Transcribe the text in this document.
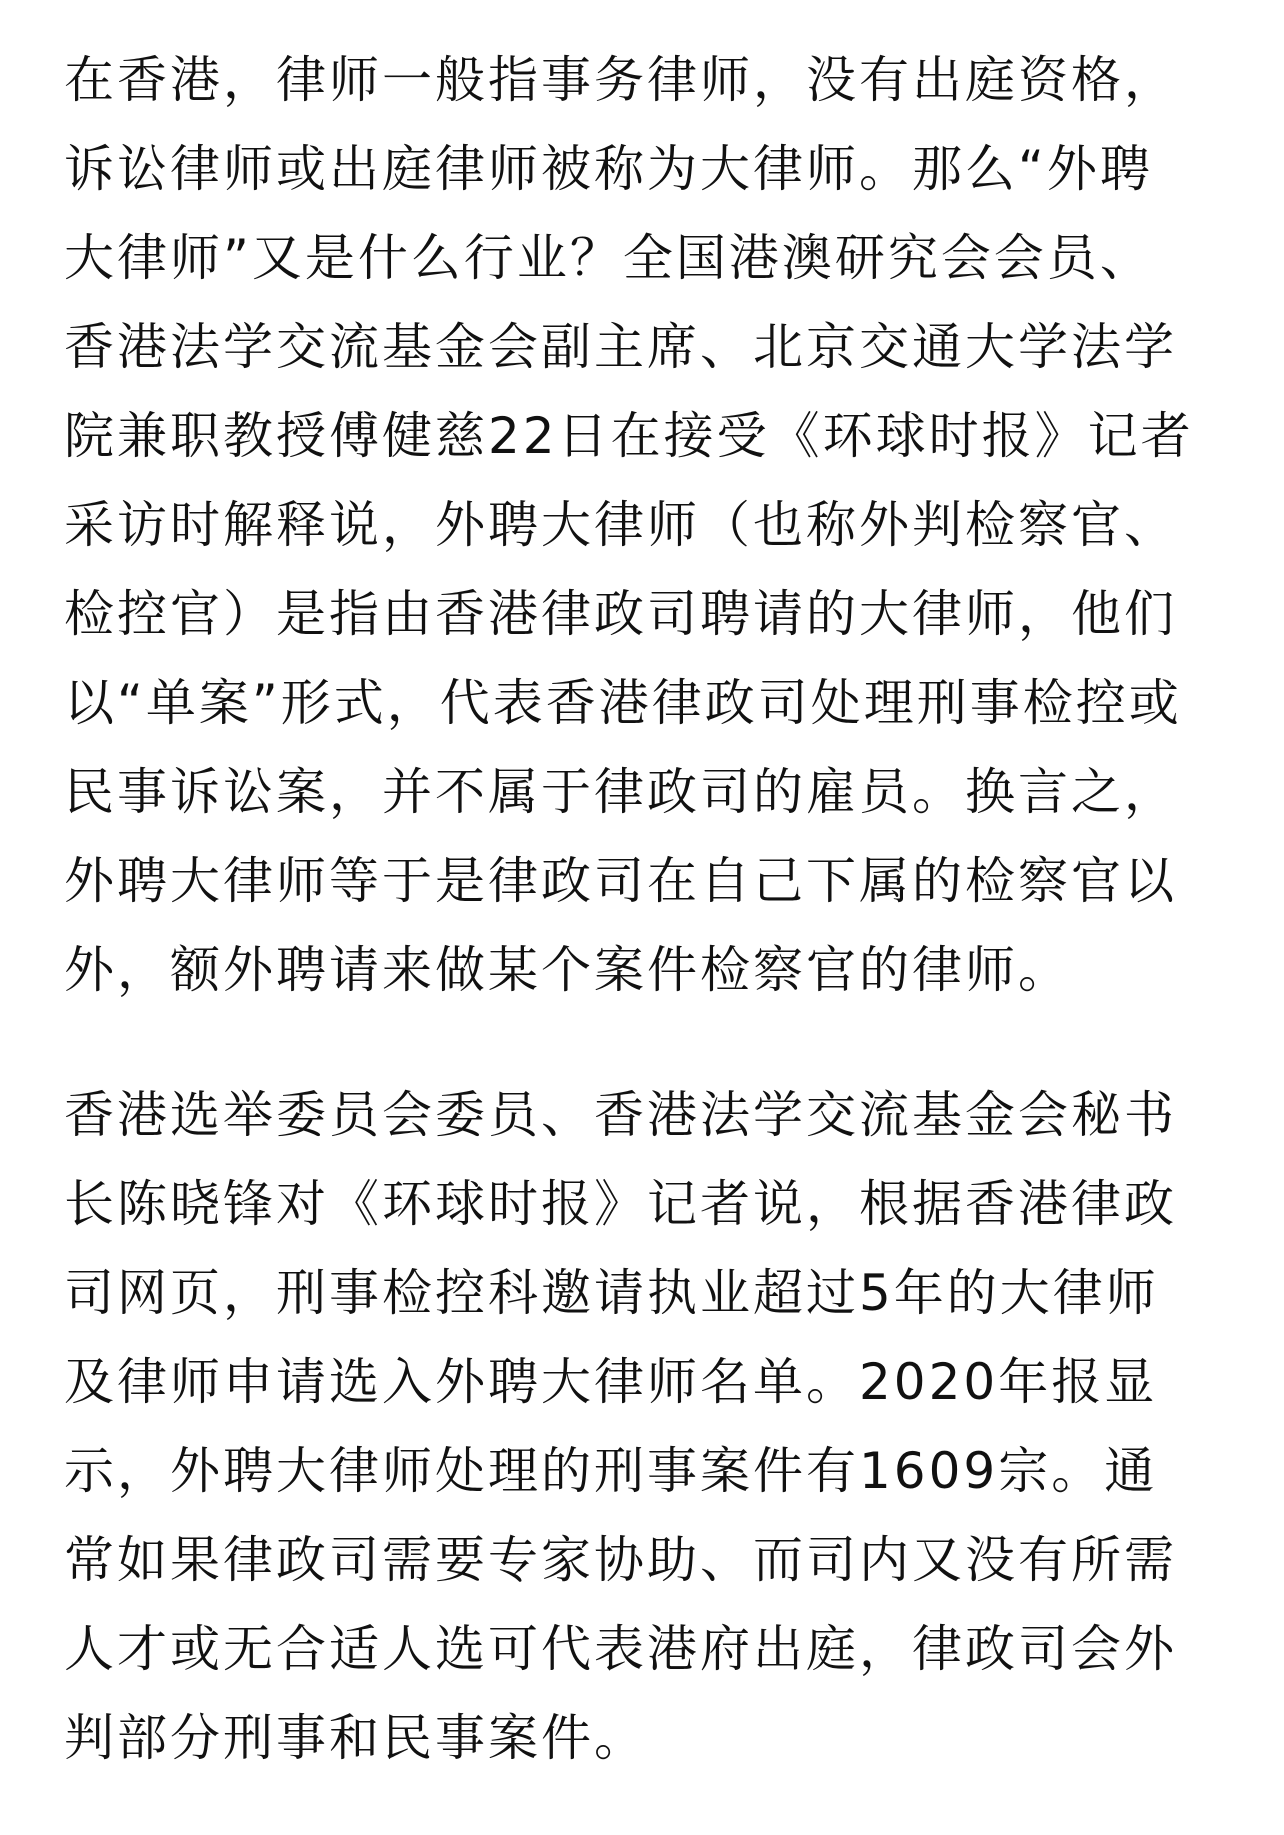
在香港，律师一般指事务律师，没有出庭资格，
诉讼律师或出庭律师被称为大律师。那么“外聘
大律师”又是什么行业？全国港澳研究会会员、
香港法学交流基金会副主席、北京交通大学法学
院兼职教授傅健慈22日在接受《环球时报》记者
采访时解释说，外聘大律师（也称外判检察官、
检控官）是指由香港律政司聘请的大律师，他们
以“单案”形式，代表香港律政司处理刑事检控或
民事诉讼案，并不属于律政司的雇员。换言之，
外聘大律师等于是律政司在自己下属的检察官以
外，额外聘请来做某个案件检察官的律师。
香港选举委员会委员、香港法学交流基金会秘书
长陈晓锋对《环球时报》记者说，根据香港律政
司网页，刑事检控科邀请执业超过5年的大律师
及律师申请选入外聘大律师名单。2020年报显
示，外聘大律师处理的刑事案件有1609宗。通
常如果律政司需要专家协助、而司内又没有所需
人才或无合适人选可代表港府出庭，律政司会外
判部分刑事和民事案件。
